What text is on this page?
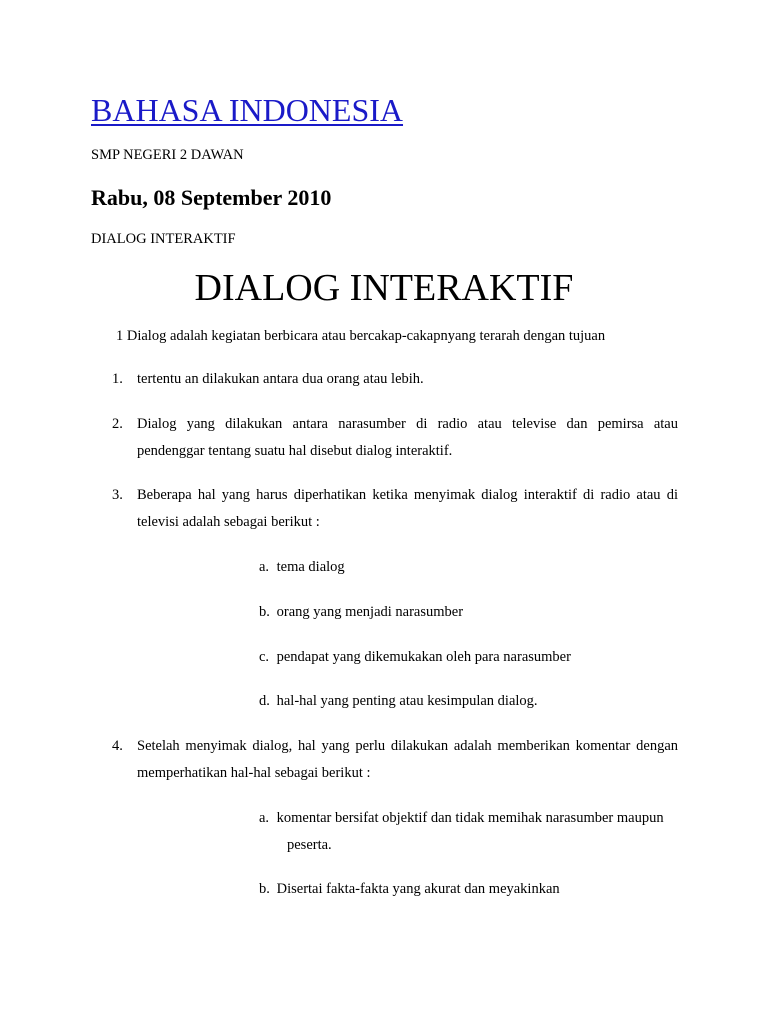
BAHASA INDONESIA
SMP NEGERI 2 DAWAN
Rabu, 08 September 2010
DIALOG INTERAKTIF
DIALOG INTERAKTIF
1 Dialog adalah kegiatan berbicara atau bercakap-cakapnyang terarah dengan tujuan
1. tertentu an dilakukan antara dua orang atau lebih.
2. Dialog yang dilakukan antara narasumber di radio atau televise dan pemirsa atau
pendenggar tentang suatu hal disebut dialog interaktif.
3. Beberapa hal yang harus diperhatikan ketika menyimak dialog interaktif di radio atau di
televisi adalah sebagai berikut :
a. tema dialog
b. orang yang menjadi narasumber
c. pendapat yang dikemukakan oleh para narasumber
d. hal-hal yang penting atau kesimpulan dialog.
4. Setelah menyimak dialog, hal yang perlu dilakukan adalah memberikan komentar dengan
memperhatikan hal-hal sebagai berikut :
a. komentar bersifat objektif dan tidak memihak narasumber maupun
peserta.
b. Disertai fakta-fakta yang akurat dan meyakinkan
